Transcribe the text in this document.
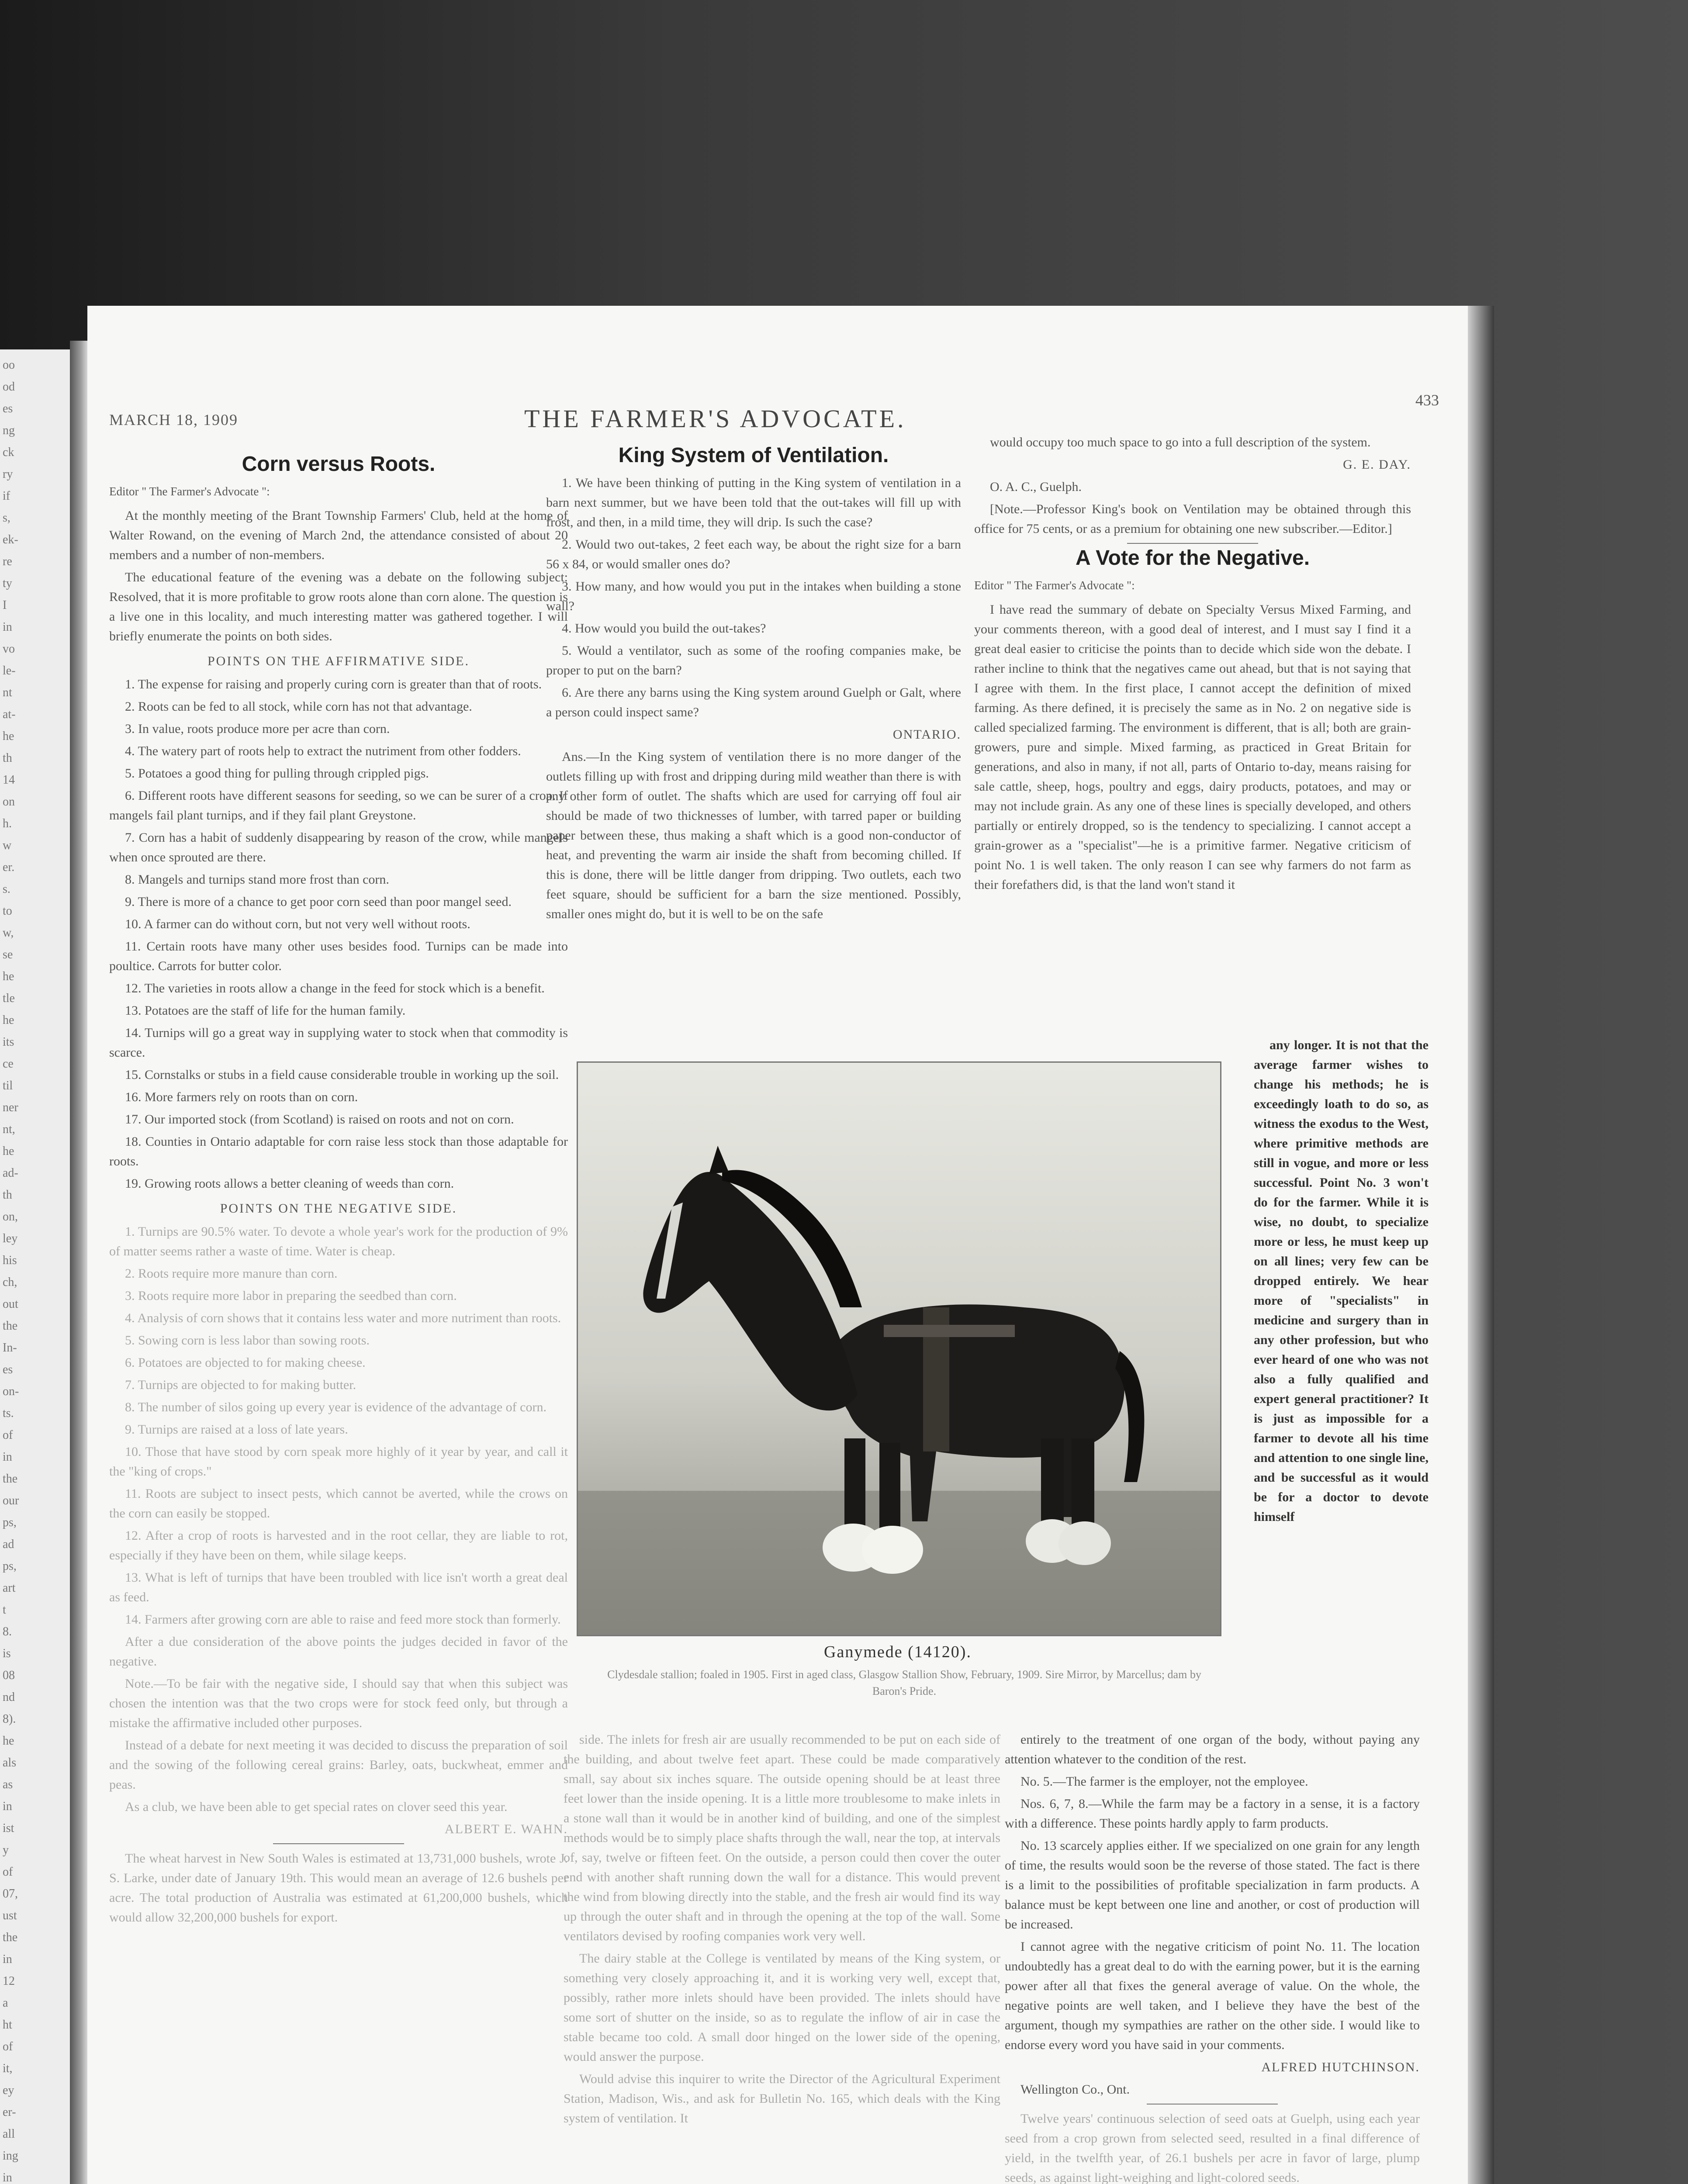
oo
od
es
ng
ck
ry
if
s,
ek-
re
ty
I
in
vo
le-
nt
at-
he
th
14
on
h.
w
er.
s.
to
w,
se
he
tle
he
its
ce
til
ner
nt,
he
ad-
th
on,
ley
his
ch,
out
the
In-
es
on-
ts.
of
in
the
our
ps,
ad
ps,
art
t
8.
is
08
nd
8).
he
als
as
in
ist
y
of
07,
ust
the
in
12
a
ht
of
it,
ey
er-
all
ing
in
MARCH 18, 1909	THE FARMER'S ADVOCATE.
433

Corn versus Roots.

Editor " The Farmer's Advocate ":

At the monthly meeting of the Brant Township Farmers' Club, held at the home of Walter Rowand, on the evening of March 2nd, the attendance consisted of about 20 members and a number of non-members.

The educational feature of the evening was a debate on the following subject: Resolved, that it is more profitable to grow roots alone than corn alone. The question is a live one in this locality, and much interesting matter was gathered together. I will briefly enumerate the points on both sides.

POINTS ON THE AFFIRMATIVE SIDE.

1. The expense for raising and properly curing corn is greater than that of roots.

2. Roots can be fed to all stock, while corn has not that advantage.

3. In value, roots produce more per acre than corn.

4. The watery part of roots help to extract the nutriment from other fodders.

5. Potatoes a good thing for pulling through crippled pigs.

6. Different roots have different seasons for seeding, so we can be surer of a crop. If mangels fail plant turnips, and if they fail plant Greystone.

7. Corn has a habit of suddenly disappearing by reason of the crow, while mangels when once sprouted are there.

8. Mangels and turnips stand more frost than corn.

9. There is more of a chance to get poor corn seed than poor mangel seed.

10. A farmer can do without corn, but not very well without roots.

11. Certain roots have many other uses besides food. Turnips can be made into poultice. Carrots for butter color.

12. The varieties in roots allow a change in the feed for stock which is a benefit.

13. Potatoes are the staff of life for the human family.

14. Turnips will go a great way in supplying water to stock when that commodity is scarce.

15. Cornstalks or stubs in a field cause considerable trouble in working up the soil.

16. More farmers rely on roots than on corn.

17. Our imported stock (from Scotland) is raised on roots and not on corn.

18. Counties in Ontario adaptable for corn raise less stock than those adaptable for roots.

19. Growing roots allows a better cleaning of weeds than corn.

POINTS ON THE NEGATIVE SIDE.

1. Turnips are 90.5% water. To devote a whole year's work for the production of 9% of matter seems rather a waste of time. Water is cheap.

2. Roots require more manure than corn.

3. Roots require more labor in preparing the seedbed than corn.

4. Analysis of corn shows that it contains less water and more nutriment than roots.

5. Sowing corn is less labor than sowing roots.

6. Potatoes are objected to for making cheese.

7. Turnips are objected to for making butter.

8. The number of silos going up every year is evidence of the advantage of corn.

9. Turnips are raised at a loss of late years.

10. Those that have stood by corn speak more highly of it year by year, and call it the "king of crops."

11. Roots are subject to insect pests, which cannot be averted, while the crows on the corn can easily be stopped.

12. After a crop of roots is harvested and in the root cellar, they are liable to rot, especially if they have been on them, while silage keeps.

13. What is left of turnips that have been troubled with lice isn't worth a great deal as feed.

14. Farmers after growing corn are able to raise and feed more stock than formerly.

After a due consideration of the above points the judges decided in favor of the negative.

Note.—To be fair with the negative side, I should say that when this subject was chosen the intention was that the two crops were for stock feed only, but through a mistake the affirmative included other purposes.

Instead of a debate for next meeting it was decided to discuss the preparation of soil and the sowing of the following cereal grains: Barley, oats, buckwheat, emmer and peas.

As a club, we have been able to get special rates on clover seed this year.

ALBERT E. WAHN.

The wheat harvest in New South Wales is estimated at 13,731,000 bushels, wrote J. S. Larke, under date of January 19th. This would mean an average of 12.6 bushels per acre. The total production of Australia was estimated at 61,200,000 bushels, which would allow 32,200,000 bushels for export.

King System of Ventilation.

1. We have been thinking of putting in the King system of ventilation in a barn next summer, but we have been told that the out-takes will fill up with frost, and then, in a mild time, they will drip. Is such the case?

2. Would two out-takes, 2 feet each way, be about the right size for a barn 56 x 84, or would smaller ones do?

3. How many, and how would you put in the intakes when building a stone wall?

4. How would you build the out-takes?

5. Would a ventilator, such as some of the roofing companies make, be proper to put on the barn?

6. Are there any barns using the King system around Guelph or Galt, where a person could inspect same?

ONTARIO.

Ans.—In the King system of ventilation there is no more danger of the outlets filling up with frost and dripping during mild weather than there is with any other form of outlet. The shafts which are used for carrying off foul air should be made of two thicknesses of lumber, with tarred paper or building paper between these, thus making a shaft which is a good non-conductor of heat, and preventing the warm air inside the shaft from becoming chilled. If this is done, there will be little danger from dripping. Two outlets, each two feet square, should be sufficient for a barn the size mentioned. Possibly, smaller ones might do, but it is well to be on the safe

would occupy too much space to go into a full description of the system.

G. E. DAY.

O. A. C., Guelph.

[Note.—Professor King's book on Ventilation may be obtained through this office for 75 cents, or as a premium for obtaining one new subscriber.—Editor.]

A Vote for the Negative.

Editor " The Farmer's Advocate ":

I have read the summary of debate on Specialty Versus Mixed Farming, and your comments thereon, with a good deal of interest, and I must say I find it a great deal easier to criticise the points than to decide which side won the debate. I rather incline to think that the negatives came out ahead, but that is not saying that I agree with them. In the first place, I cannot accept the definition of mixed farming. As there defined, it is precisely the same as in No. 2 on negative side is called specialized farming. The environment is different, that is all; both are grain-growers, pure and simple. Mixed farming, as practiced in Great Britain for generations, and also in many, if not all, parts of Ontario to-day, means raising for sale cattle, sheep, hogs, poultry and eggs, dairy products, potatoes, and may or may not include grain. As any one of these lines is specially developed, and others partially or entirely dropped, so is the tendency to specializing. I cannot accept a grain-grower as a "specialist"—he is a primitive farmer. Negative criticism of point No. 1 is well taken. The only reason I can see why farmers do not farm as their forefathers did, is that the land won't stand it

any longer. It is not that the average farmer wishes to change his methods; he is exceedingly loath to do so, as witness the exodus to the West, where primitive methods are still in vogue, and more or less successful. Point No. 3 won't do for the farmer. While it is wise, no doubt, to specialize more or less, he must keep up on all lines; very few can be dropped entirely. We hear more of "specialists" in medicine and surgery than in any other profession, but who ever heard of one who was not also a fully qualified and expert general practitioner? It is just as impossible for a farmer to devote all his time and attention to one single line, and be successful as it would be for a doctor to devote himself

Ganymede (14120).
Clydesdale stallion; foaled in 1905. First in aged class, Glasgow Stallion Show, February, 1909. Sire Mirror, by Marcellus; dam by Baron's Pride.

side. The inlets for fresh air are usually recommended to be put on each side of the building, and about twelve feet apart. These could be made comparatively small, say about six inches square. The outside opening should be at least three feet lower than the inside opening. It is a little more troublesome to make inlets in a stone wall than it would be in another kind of building, and one of the simplest methods would be to simply place shafts through the wall, near the top, at intervals of, say, twelve or fifteen feet. On the outside, a person could then cover the outer end with another shaft running down the wall for a distance. This would prevent the wind from blowing directly into the stable, and the fresh air would find its way up through the outer shaft and in through the opening at the top of the wall. Some ventilators devised by roofing companies work very well.

The dairy stable at the College is ventilated by means of the King system, or something very closely approaching it, and it is working very well, except that, possibly, rather more inlets should have been provided. The inlets should have some sort of shutter on the inside, so as to regulate the inflow of air in case the stable became too cold. A small door hinged on the lower side of the opening, would answer the purpose.

Would advise this inquirer to write the Director of the Agricultural Experiment Station, Madison, Wis., and ask for Bulletin No. 165, which deals with the King system of ventilation. It

entirely to the treatment of one organ of the body, without paying any attention whatever to the condition of the rest.

No. 5.—The farmer is the employer, not the employee.

Nos. 6, 7, 8.—While the farm may be a factory in a sense, it is a factory with a difference. These points hardly apply to farm products.

No. 13 scarcely applies either. If we specialized on one grain for any length of time, the results would soon be the reverse of those stated. The fact is there is a limit to the possibilities of profitable specialization in farm products. A balance must be kept between one line and another, or cost of production will be increased.

I cannot agree with the negative criticism of point No. 11. The location undoubtedly has a great deal to do with the earning power, but it is the earning power after all that fixes the general average of value. On the whole, the negative points are well taken, and I believe they have the best of the argument, though my sympathies are rather on the other side. I would like to endorse every word you have said in your comments.

ALFRED HUTCHINSON.

Wellington Co., Ont.

Twelve years' continuous selection of seed oats at Guelph, using each year seed from a crop grown from selected seed, resulted in a final difference of yield, in the twelfth year, of 26.1 bushels per acre in favor of large, plump seeds, as against light-weighing and light-colored seeds.
